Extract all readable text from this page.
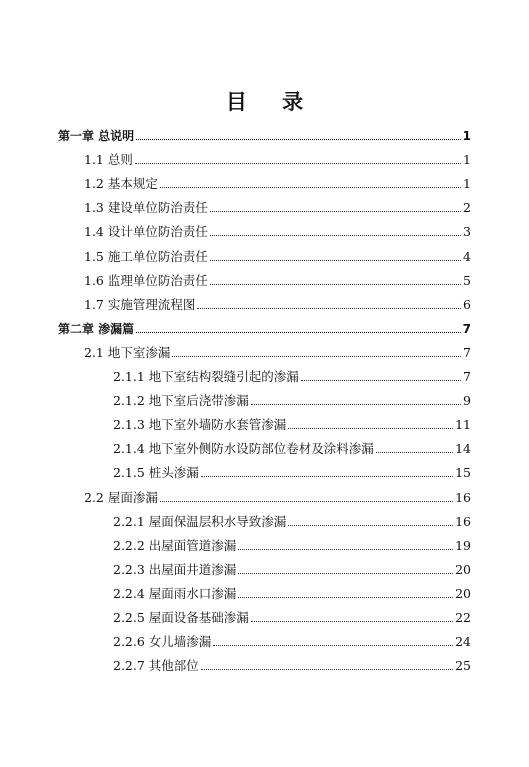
目 录
第一章 总说明	1
1.1 总则	1
1.2 基本规定	1
1.3 建设单位防治责任	2
1.4 设计单位防治责任	3
1.5 施工单位防治责任	4
1.6 监理单位防治责任	5
1.7 实施管理流程图	6
第二章 渗漏篇	7
2.1 地下室渗漏	7
2.1.1 地下室结构裂缝引起的渗漏	7
2.1.2 地下室后浇带渗漏	9
2.1.3 地下室外墙防水套管渗漏	11
2.1.4 地下室外侧防水设防部位卷材及涂料渗漏	14
2.1.5 桩头渗漏	15
2.2 屋面渗漏	16
2.2.1 屋面保温层积水导致渗漏	16
2.2.2 出屋面管道渗漏	19
2.2.3 出屋面井道渗漏	20
2.2.4 屋面雨水口渗漏	20
2.2.5 屋面设备基础渗漏	22
2.2.6 女儿墙渗漏	24
2.2.7 其他部位	25
